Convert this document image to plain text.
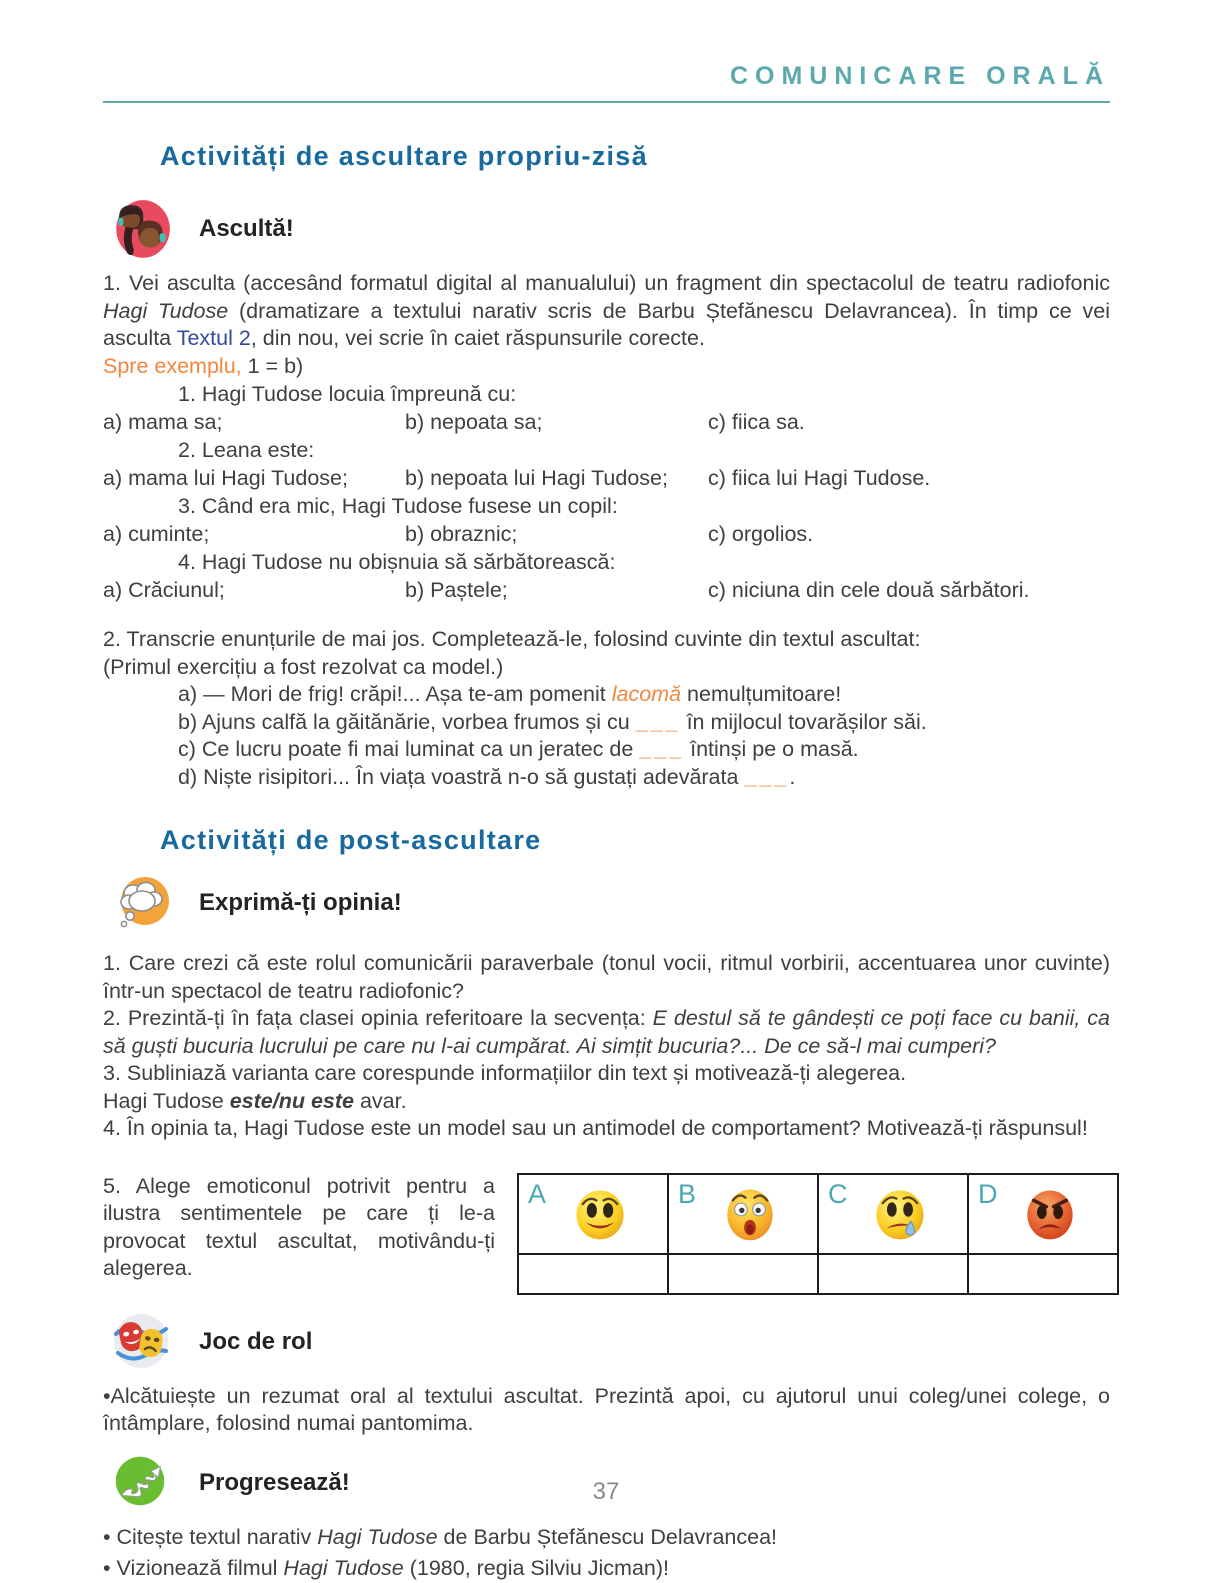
COMUNICARE ORALĂ
Activități de ascultare propriu-zisă
Ascultă!

1. Vei asculta (accesând formatul digital al manualului) un fragment din spectacolul de teatru radiofonic Hagi Tudose (dramatizare a textului narativ scris de Barbu Ștefănescu Delavrancea). În timp ce vei asculta Textul 2, din nou, vei scrie în caiet răspunsurile corecte.

Spre exemplu, 1 = b)

1. Hagi Tudose locuia împreună cu:

a) mama sa;	b) nepoata sa;	c) fiica sa.

2. Leana este:

a) mama lui Hagi Tudose;	b) nepoata lui Hagi Tudose;	c) fiica lui Hagi Tudose.

3. Când era mic, Hagi Tudose fusese un copil:

a) cuminte;	b) obraznic;	c) orgolios.

4. Hagi Tudose nu obișnuia să sărbătorească:

a) Crăciunul;	b) Paștele;	c) niciuna din cele două sărbători.

2. Transcrie enunțurile de mai jos. Completează-le, folosind cuvinte din textul ascultat:

(Primul exercițiu a fost rezolvat ca model.)

a) — Mori de frig! crăpi!... Așa te-am pomenit lacomă nemulțumitoare!

b) Ajuns calfă la găitănărie, vorbea frumos și cu ___ în mijlocul tovarășilor săi.

c) Ce lucru poate fi mai luminat ca un jeratec de ___ întinși pe o masă.

d) Niște risipitori... În viața voastră n-o să gustați adevărata ___.

Activități de post-ascultare
Exprimă-ți opinia!

1. Care crezi că este rolul comunicării paraverbale (tonul vocii, ritmul vorbirii, accentuarea unor cuvinte) într-un spectacol de teatru radiofonic?

2. Prezintă-ți în fața clasei opinia referitoare la secvența: E destul să te gândești ce poți face cu banii, ca să guști bucuria lucrului pe care nu l-ai cumpărat. Ai simțit bucuria?... De ce să-l mai cumperi?

3. Subliniază varianta care corespunde informațiilor din text și motivează-ți alegerea.

Hagi Tudose este/nu este avar.

4. În opinia ta, Hagi Tudose este un model sau un antimodel de comportament? Motivează-ți răspunsul!

5. Alege emoticonul potrivit pentru a ilustra sentimentele pe care ți le-a provocat textul ascultat, motivându-ți alegerea.

A	B	C	D

Joc de rol

•Alcătuiește un rezumat oral al textului ascultat. Prezintă apoi, cu ajutorul unui coleg/unei colege, o întâmplare, folosind numai pantomima.

Progresează!

• Citește textul narativ Hagi Tudose de Barbu Ștefănescu Delavrancea!

• Vizionează filmul Hagi Tudose (1980, regia Silviu Jicman)!

37
